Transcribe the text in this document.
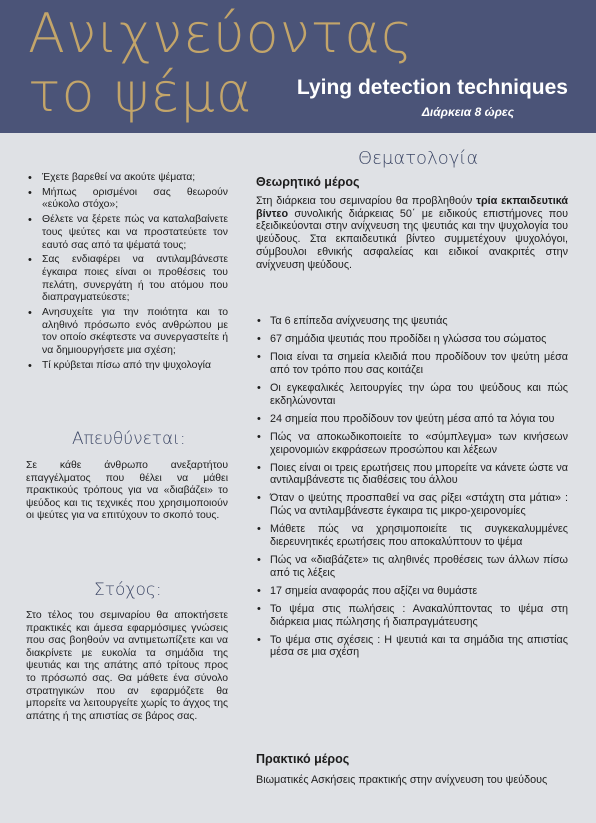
Ανιχνεύοντας
το ψέμα Lying detection techniques
Διάρκεια 8 ώρες
• Έχετε βαρεθεί να ακούτε ψέματα;
• Μήπως ορισμένοι σας θεωρούν «εύκολο στόχο»;
• Θέλετε να ξέρετε πώς να καταλαβαίνετε τους ψεύτες και να προστατεύετε τον εαυτό σας από τα ψέματά τους;
• Σας ενδιαφέρει να αντιλαμβάνεστε έγκαιρα ποιες είναι οι προθέσεις του πελάτη, συνεργάτη ή του ατόμου που διαπραγματεύεστε;
• Ανησυχείτε για την ποιότητα και το αληθινό πρόσωπο ενός ανθρώπου με τον οποίο σκέφτεστε να συνεργαστείτε ή να δημιουργήσετε μια σχέση;
• Τί κρύβεται πίσω από την ψυχολογία
Απευθύνεται:
Σε κάθε άνθρωπο ανεξαρτήτου επαγγέλματος που θέλει να μάθει πρακτικούς τρόπους για να «διαβάζει» το ψεύδος και τις τεχνικές που χρησιμοποιούν οι ψεύτες για να επιτύχουν το σκοπό τους.
Στόχος:
Στο τέλος του σεμιναρίου θα αποκτήσετε πρακτικές και άμεσα εφαρμόσιμες γνώσεις που σας βοηθούν να αντιμετωπίζετε και να διακρίνετε με ευκολία τα σημάδια της ψευτιάς και της απάτης από τρίτους προς το πρόσωπό σας. Θα μάθετε ένα σύνολο στρατηγικών που αν εφαρμόζετε θα μπορείτε να λειτουργείτε χωρίς το άγχος της απάτης ή της απιστίας σε βάρος σας.
Θεματολογία
Θεωρητικό μέρος
Στη διάρκεια του σεμιναρίου θα προβληθούν τρία εκπαιδευτικά βίντεο συνολικής διάρκειας 50΄ με ειδικούς επιστήμονες που εξειδικεύονται στην ανίχνευση της ψευτιάς και την ψυχολογία του ψεύδους. Στα εκπαιδευτικά βίντεο συμμετέχουν ψυχολόγοι, σύμβουλοι εθνικής ασφαλείας και ειδικοί ανακριτές στην ανίχνευση ψεύδους.
• Τα 6 επίπεδα ανίχνευσης της ψευτιάς
• 67 σημάδια ψευτιάς που προδίδει η γλώσσα του σώματος
• Ποια είναι τα σημεία κλειδιά που προδίδουν τον ψεύτη μέσα από τον τρόπο που σας κοιτάζει
• Οι εγκεφαλικές λειτουργίες την ώρα του ψεύδους και πώς εκδηλώνονται
• 24 σημεία που προδίδουν τον ψεύτη μέσα από τα λόγια του
• Πώς να αποκωδικοποιείτε το «σύμπλεγμα» των κινήσεων χειρονομιών εκφράσεων προσώπου και λέξεων
• Ποιες είναι οι τρεις ερωτήσεις που μπορείτε να κάνετε ώστε να αντιλαμβάνεστε τις διαθέσεις του άλλου
• Όταν ο ψεύτης προσπαθεί να σας ρίξει «στάχτη στα μάτια» : Πώς να αντιλαμβάνεστε έγκαιρα τις μικρο-χειρονομίες
• Μάθετε πώς να χρησιμοποιείτε τις συγκεκαλυμμένες διερευνητικές ερωτήσεις που αποκαλύπτουν το ψέμα
• Πώς να «διαβάζετε» τις αληθινές προθέσεις των άλλων πίσω από τις λέξεις
• 17 σημεία αναφοράς που αξίζει να θυμάστε
• Το ψέμα στις πωλήσεις : Ανακαλύπτοντας το ψέμα στη διάρκεια μιας πώλησης ή διαπραγμάτευσης
• Το ψέμα στις σχέσεις : Η ψευτιά και τα σημάδια της απιστίας μέσα σε μια σχέση
Πρακτικό μέρος
Βιωματικές Ασκήσεις πρακτικής στην ανίχνευση του ψεύδους
